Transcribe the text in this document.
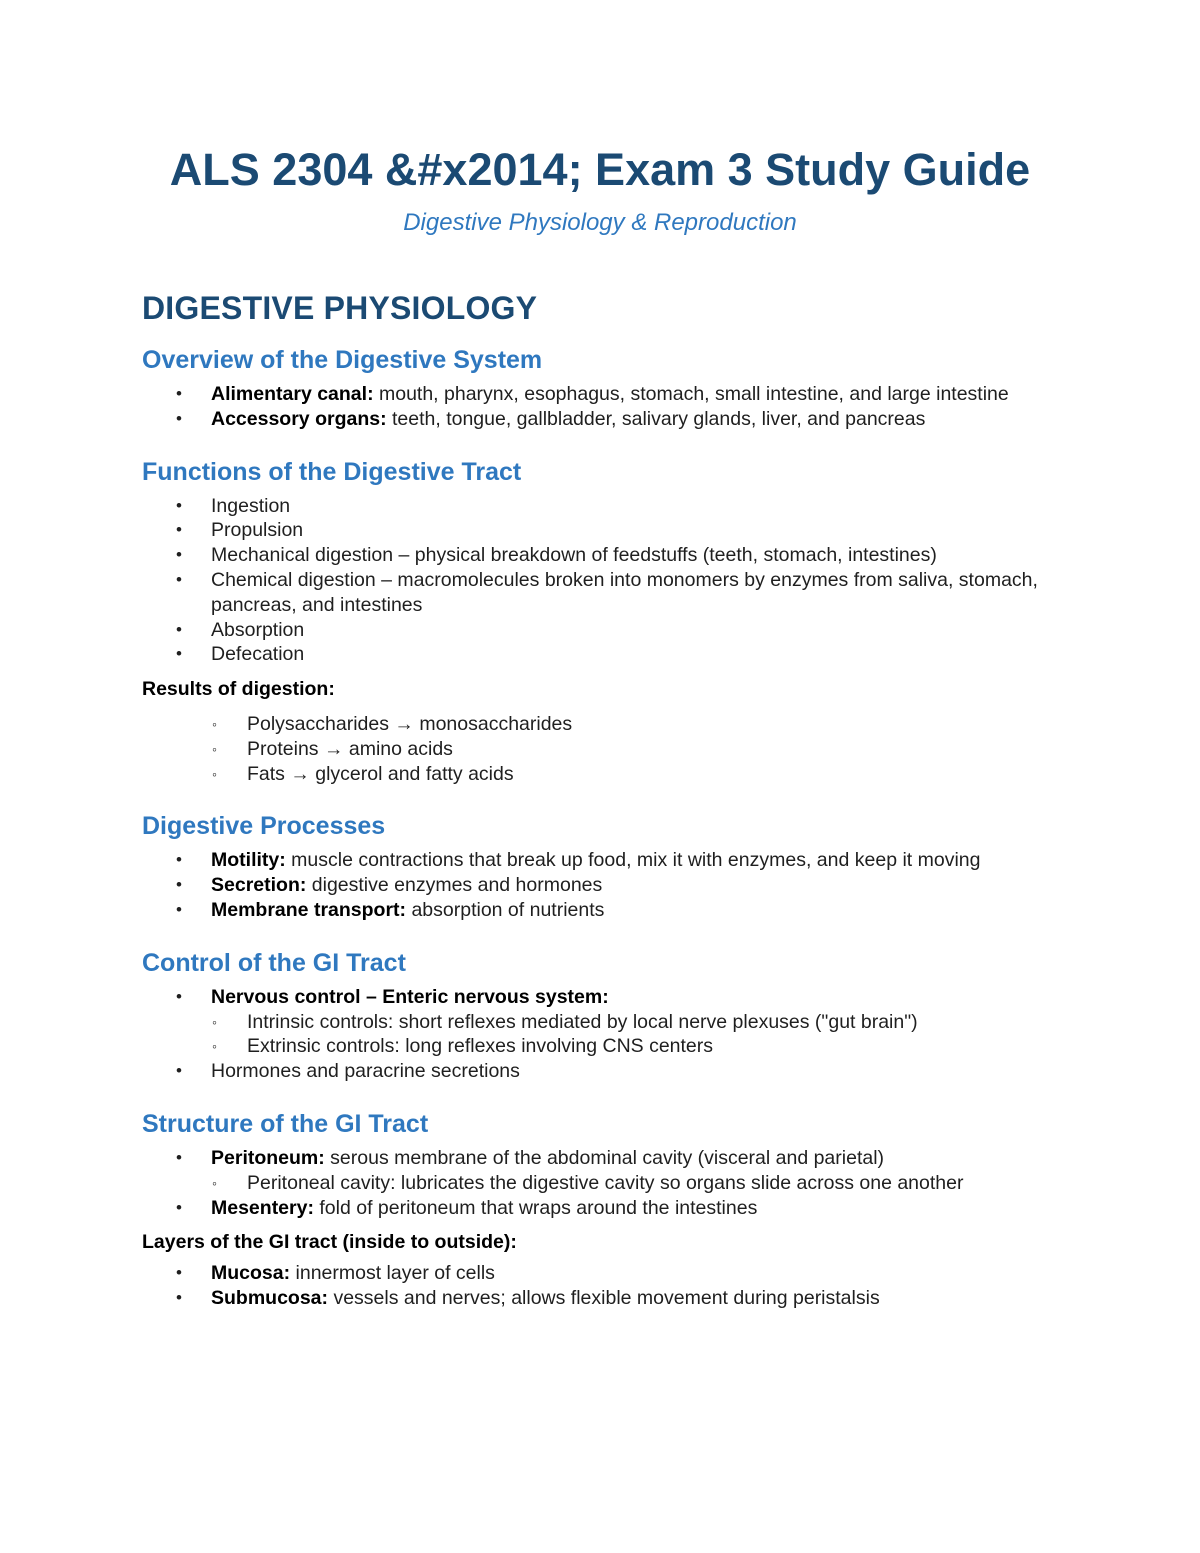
ALS 2304 &#x2014; Exam 3 Study Guide

Digestive Physiology & Reproduction

DIGESTIVE PHYSIOLOGY
Overview of the Digestive System
• Alimentary canal: mouth, pharynx, esophagus, stomach, small intestine, and large intestine
• Accessory organs: teeth, tongue, gallbladder, salivary glands, liver, and pancreas
Functions of the Digestive Tract
• Ingestion
• Propulsion
• Mechanical digestion – physical breakdown of feedstuffs (teeth, stomach, intestines)
• Chemical digestion – macromolecules broken into monomers by enzymes from saliva, stomach, pancreas, and intestines
• Absorption
• Defecation

Results of digestion:

◦ Polysaccharides → monosaccharides
◦ Proteins → amino acids
◦ Fats → glycerol and fatty acids
Digestive Processes
• Motility: muscle contractions that break up food, mix it with enzymes, and keep it moving
• Secretion: digestive enzymes and hormones
• Membrane transport: absorption of nutrients
Control of the GI Tract
• Nervous control – Enteric nervous system:
◦ Intrinsic controls: short reflexes mediated by local nerve plexuses ("gut brain")
◦ Extrinsic controls: long reflexes involving CNS centers
• Hormones and paracrine secretions
Structure of the GI Tract
• Peritoneum: serous membrane of the abdominal cavity (visceral and parietal)
◦ Peritoneal cavity: lubricates the digestive cavity so organs slide across one another
• Mesentery: fold of peritoneum that wraps around the intestines

Layers of the GI tract (inside to outside):

• Mucosa: innermost layer of cells
• Submucosa: vessels and nerves; allows flexible movement during peristalsis
